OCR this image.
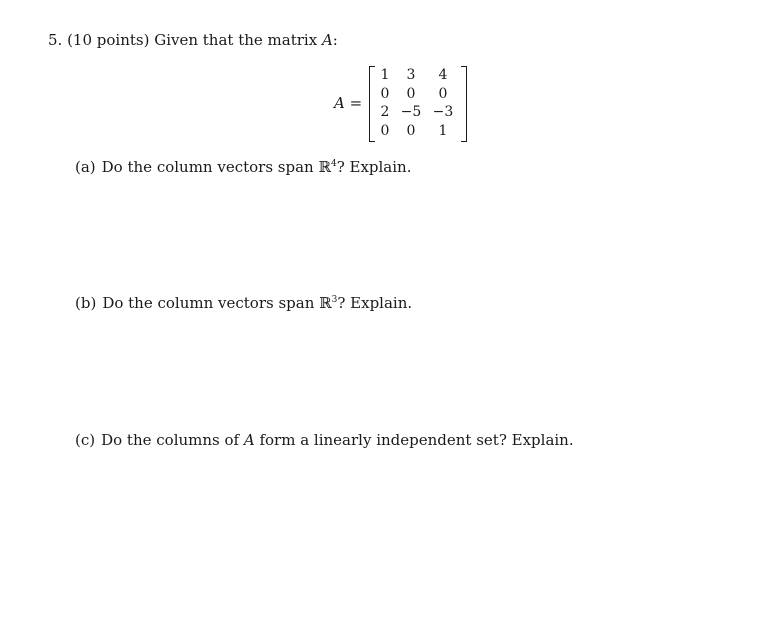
5. (10 points) Given that the matrix A:
A =
1	3	4
0	0	0
2 −5 −3
0	0	1
(a) Do the column vectors span ℝ$^4$? Explain.
(b) Do the column vectors span ℝ$^3$? Explain.
(c) Do the columns of A form a linearly independent set? Explain.
